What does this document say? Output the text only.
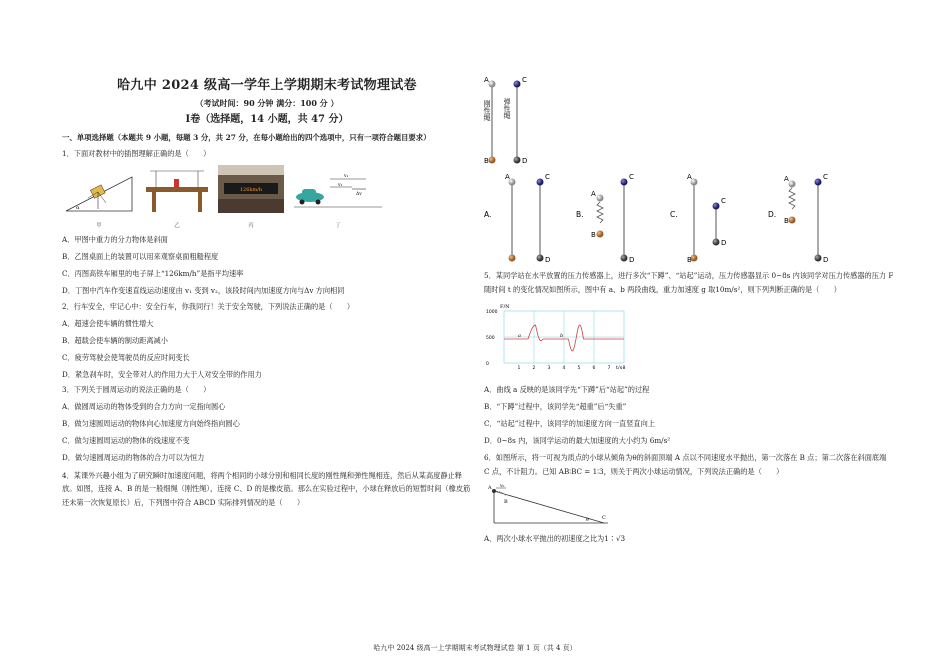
哈九中 2024 级高一学年上学期期末考试物理试卷
（考试时间：90 分钟 满分：100 分 ）
I卷（选择题，14 小题，共 47 分）
一、单项选择题（本题共 9 小题，每题 3 分，共 27 分，在每小题给出的四个选项中，只有一项符合题目要求）

1．下面对教材中的插图理解正确的是（　　）

α
甲	乙
126km/h
丙
v₁
v₂
Δv
丁

A．甲图中重力的分力物体是斜面

B．乙图桌面上的装置可以用来观察桌面粗糙程度

C．丙图高铁车厢里的电子屏上“126km/h”是指平均速率

D．丁图中汽车作变速直线运动速度由 v₁ 变到 v₂，该段时间内加速度方向与Δv 方向相同

2．行车安全，牢记心中：安全行车，你我同行！关于安全驾驶，下列说法正确的是（　　）

A．超速会使车辆的惯性增大

B．超载会使车辆的制动距离减小

C．疲劳驾驶会使驾驶员的反应时间变长

D．紧急刹车时，安全带对人的作用力大于人对安全带的作用力

3．下列关于圆周运动的说法正确的是（　　）

A．做圆周运动的物体受到的合力方向一定指向圆心

B．做匀速圆周运动的物体向心加速度方向始终指向圆心

C．做匀速圆周运动的物体的线速度不变

D．做匀速圆周运动的物体的合力可以为恒力

4．某课外兴趣小组为了研究瞬时加速度问题，将两个相同的小球分别和相同长度的刚性绳和弹性绳相连，然后从某高度静止释放。如图，连接 A、B 的是一般细绳（刚性绳），连接 C、D 的是橡皮筋。那么在实验过程中，小球在释放后的短暂时间（橡皮筋还未第一次恢复原长）后，下列图中符合 ABCD 实际排列情况的是（　　）

A
B
C
D
刚性绳 弹性绳
A.	B.	C.	D.
A	C
D
A
B
C
D
A
B
C
D
A
B
C
D

5．某同学站在水平放置的压力传感器上，进行多次“下蹲”、“站起”运动，压力传感器显示 0~8s 内该同学对压力传感器的压力 F 随时间 t 的变化情况如图所示，图中有 a、b 两段曲线，重力加速度 g 取10m/s²，则下列判断正确的是（　　）

F/N
t/s
1000
500
0
1	2	3	4	5	6	7	8
a	b

A．曲线 a 反映的是该同学先“下蹲”后“站起”的过程

B．“下蹲”过程中，该同学先“超重”后“失重”

C．“站起”过程中，该同学的加速度方向一直竖直向上

D．0~8s 内，该同学运动的最大加速度的大小约为 6m/s²

6．如图所示，将一可视为质点的小球从倾角为θ的斜面顶端 A 点以不同速度水平抛出，第一次落在 B 点；第二次落在斜面底端 C 点，不计阻力。已知 AB∶BC = 1∶3，则关于两次小球运动情况，下列说法正确的是（　　）

A
B
C
v₀
θ

A．两次小球水平抛出的初速度之比为1∶√3

哈九中 2024 级高一上学期期末考试物理试卷 第 1 页（共 4 页）
